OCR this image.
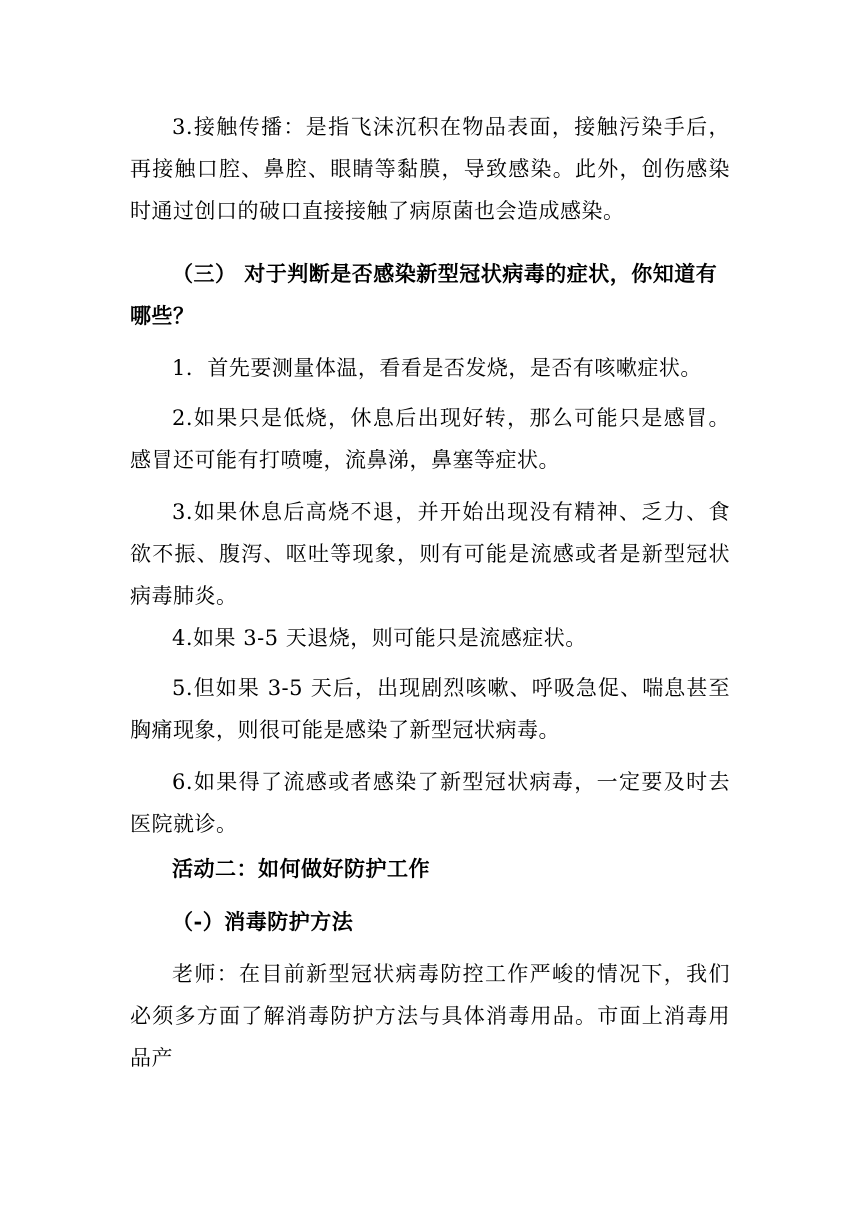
3.接触传播：是指飞沫沉积在物品表面，接触污染手后，再接触口腔、鼻腔、眼睛等黏膜，导致感染。此外，创伤感染时通过创口的破口直接接触了病原菌也会造成感染。

（三） 对于判断是否感染新型冠状病毒的症状，你知道有哪些？

1．首先要测量体温，看看是否发烧，是否有咳嗽症状。

2.如果只是低烧，休息后出现好转，那么可能只是感冒。感冒还可能有打喷嚏，流鼻涕，鼻塞等症状。

3.如果休息后高烧不退，并开始出现没有精神、乏力、食欲不振、腹泻、呕吐等现象，则有可能是流感或者是新型冠状病毒肺炎。

4.如果 3-5 天退烧，则可能只是流感症状。

5.但如果 3-5 天后，出现剧烈咳嗽、呼吸急促、喘息甚至胸痛现象，则很可能是感染了新型冠状病毒。

6.如果得了流感或者感染了新型冠状病毒，一定要及时去医院就诊。

活动二：如何做好防护工作

（-）消毒防护方法

老师：在目前新型冠状病毒防控工作严峻的情况下，我们必须多方面了解消毒防护方法与具体消毒用品。市面上消毒用品产
